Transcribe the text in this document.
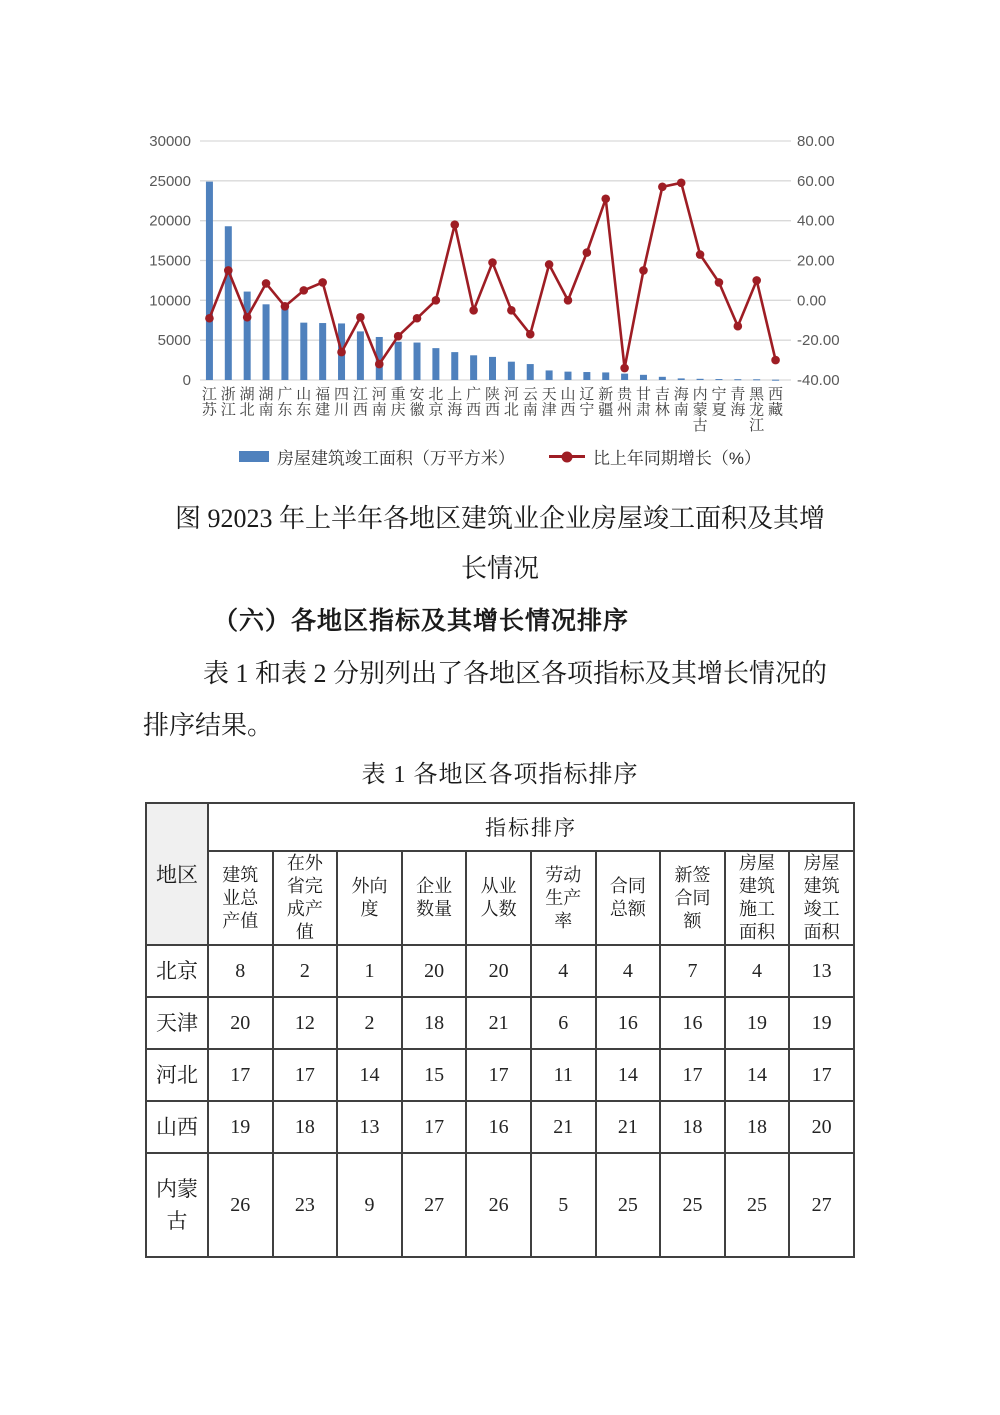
0
5000
10000
15000
20000
25000
30000
-40.00
-20.00
0.00
20.00
40.00
60.00
80.00
江苏
浙江
湖北
湖南
广东
山东
福建
四川
江西
河南
重庆
安徽
北京
上海
广西
陕西
河北
云南
天津
山西
辽宁
新疆
贵州
甘肃
吉林
海南
内蒙古
宁夏
青海
黑龙江
西藏
房屋建筑竣工面积（万平方米）	比上年同期增长（%）
图 92023 年上半年各地区建筑业企业房屋竣工面积及其增
长情况
（六）各地区指标及其增长情况排序
表 1 和表 2 分别列出了各地区各项指标及其增长情况的
排序结果。
表 1 各地区各项指标排序
地区	指标排序									
	建筑业总产值	在外省完成产值	外向度	企业数量	从业人数	劳动生产率	合同总额	新签合同额	房屋建筑施工面积	房屋建筑竣工面积
北京	8	2	1	20	20	4	4	7	4	13
天津	20	12	2	18	21	6	16	16	19	19
河北	17	17	14	15	17	11	14	17	14	17
山西	19	18	13	17	16	21	21	18	18	20
内蒙古	26	23	9	27	26	5	25	25	25	27
